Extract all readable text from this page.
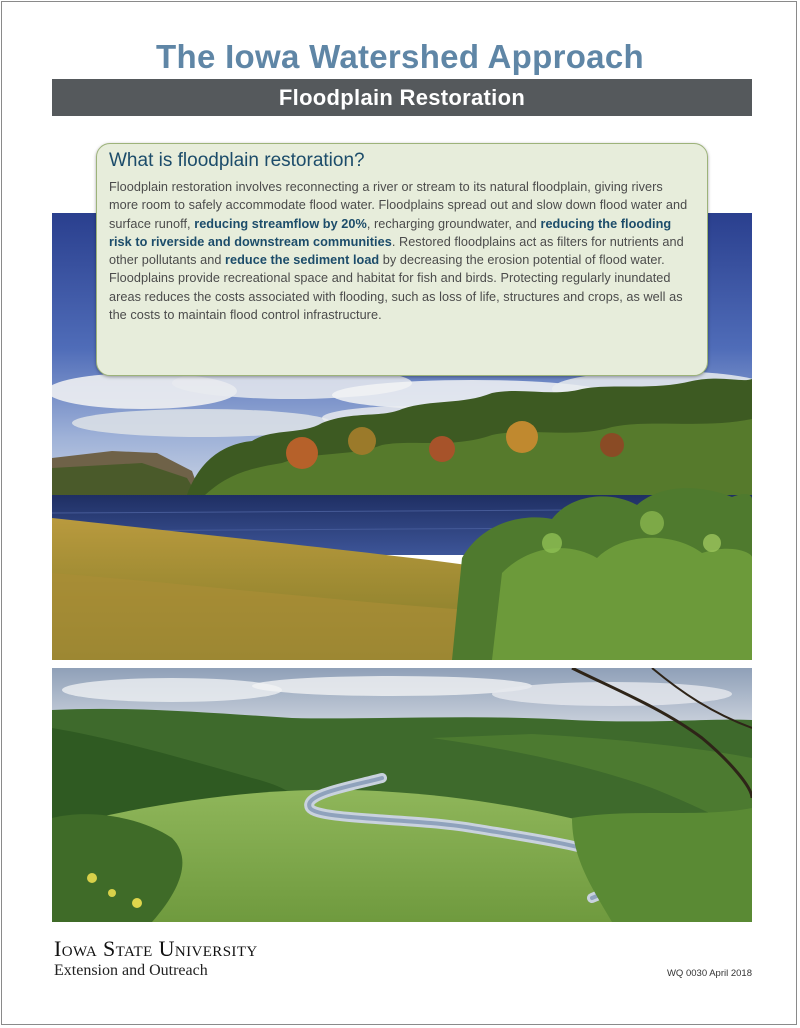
The Iowa Watershed Approach
Floodplain Restoration
What is floodplain restoration?

Floodplain restoration involves reconnecting a river or stream to its natural floodplain, giving rivers more room to safely accommodate flood water. Floodplains spread out and slow down flood water and surface runoff, reducing streamflow by 20%, recharging groundwater, and reducing the flooding risk to riverside and downstream communities. Restored floodplains act as filters for nutrients and other pollutants and reduce the sediment load by decreasing the erosion potential of flood water. Floodplains provide recreational space and habitat for fish and birds. Protecting regularly inundated areas reduces the costs associated with flooding, such as loss of life, structures and crops, as well as the costs to maintain flood control infrastructure.

Iowa State University
Extension and Outreach	WQ 0030 April 2018
